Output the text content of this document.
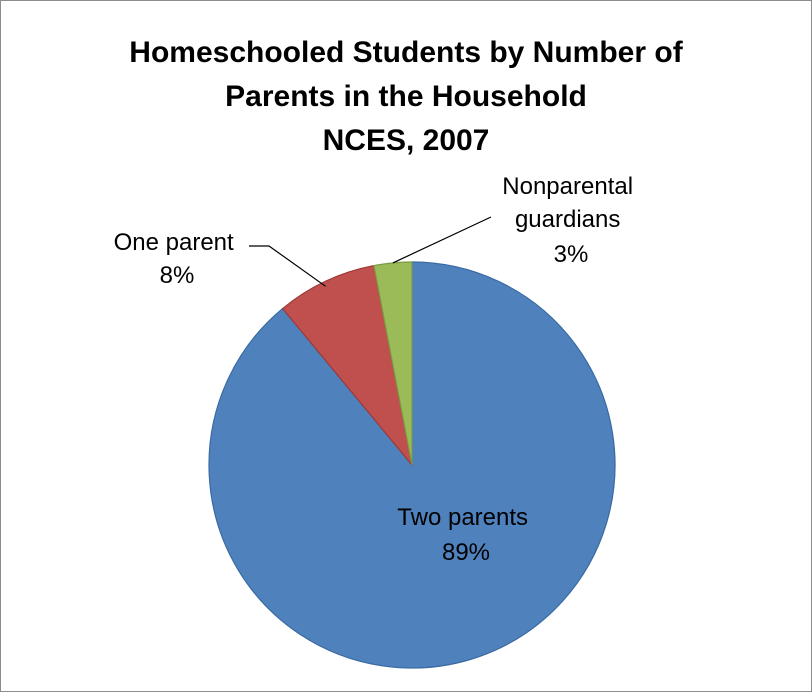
Homeschooled Students by Number of
Parents in the Household
NCES, 2007
Two parents 89%
One parent 8%
Nonparental guardians 3%
